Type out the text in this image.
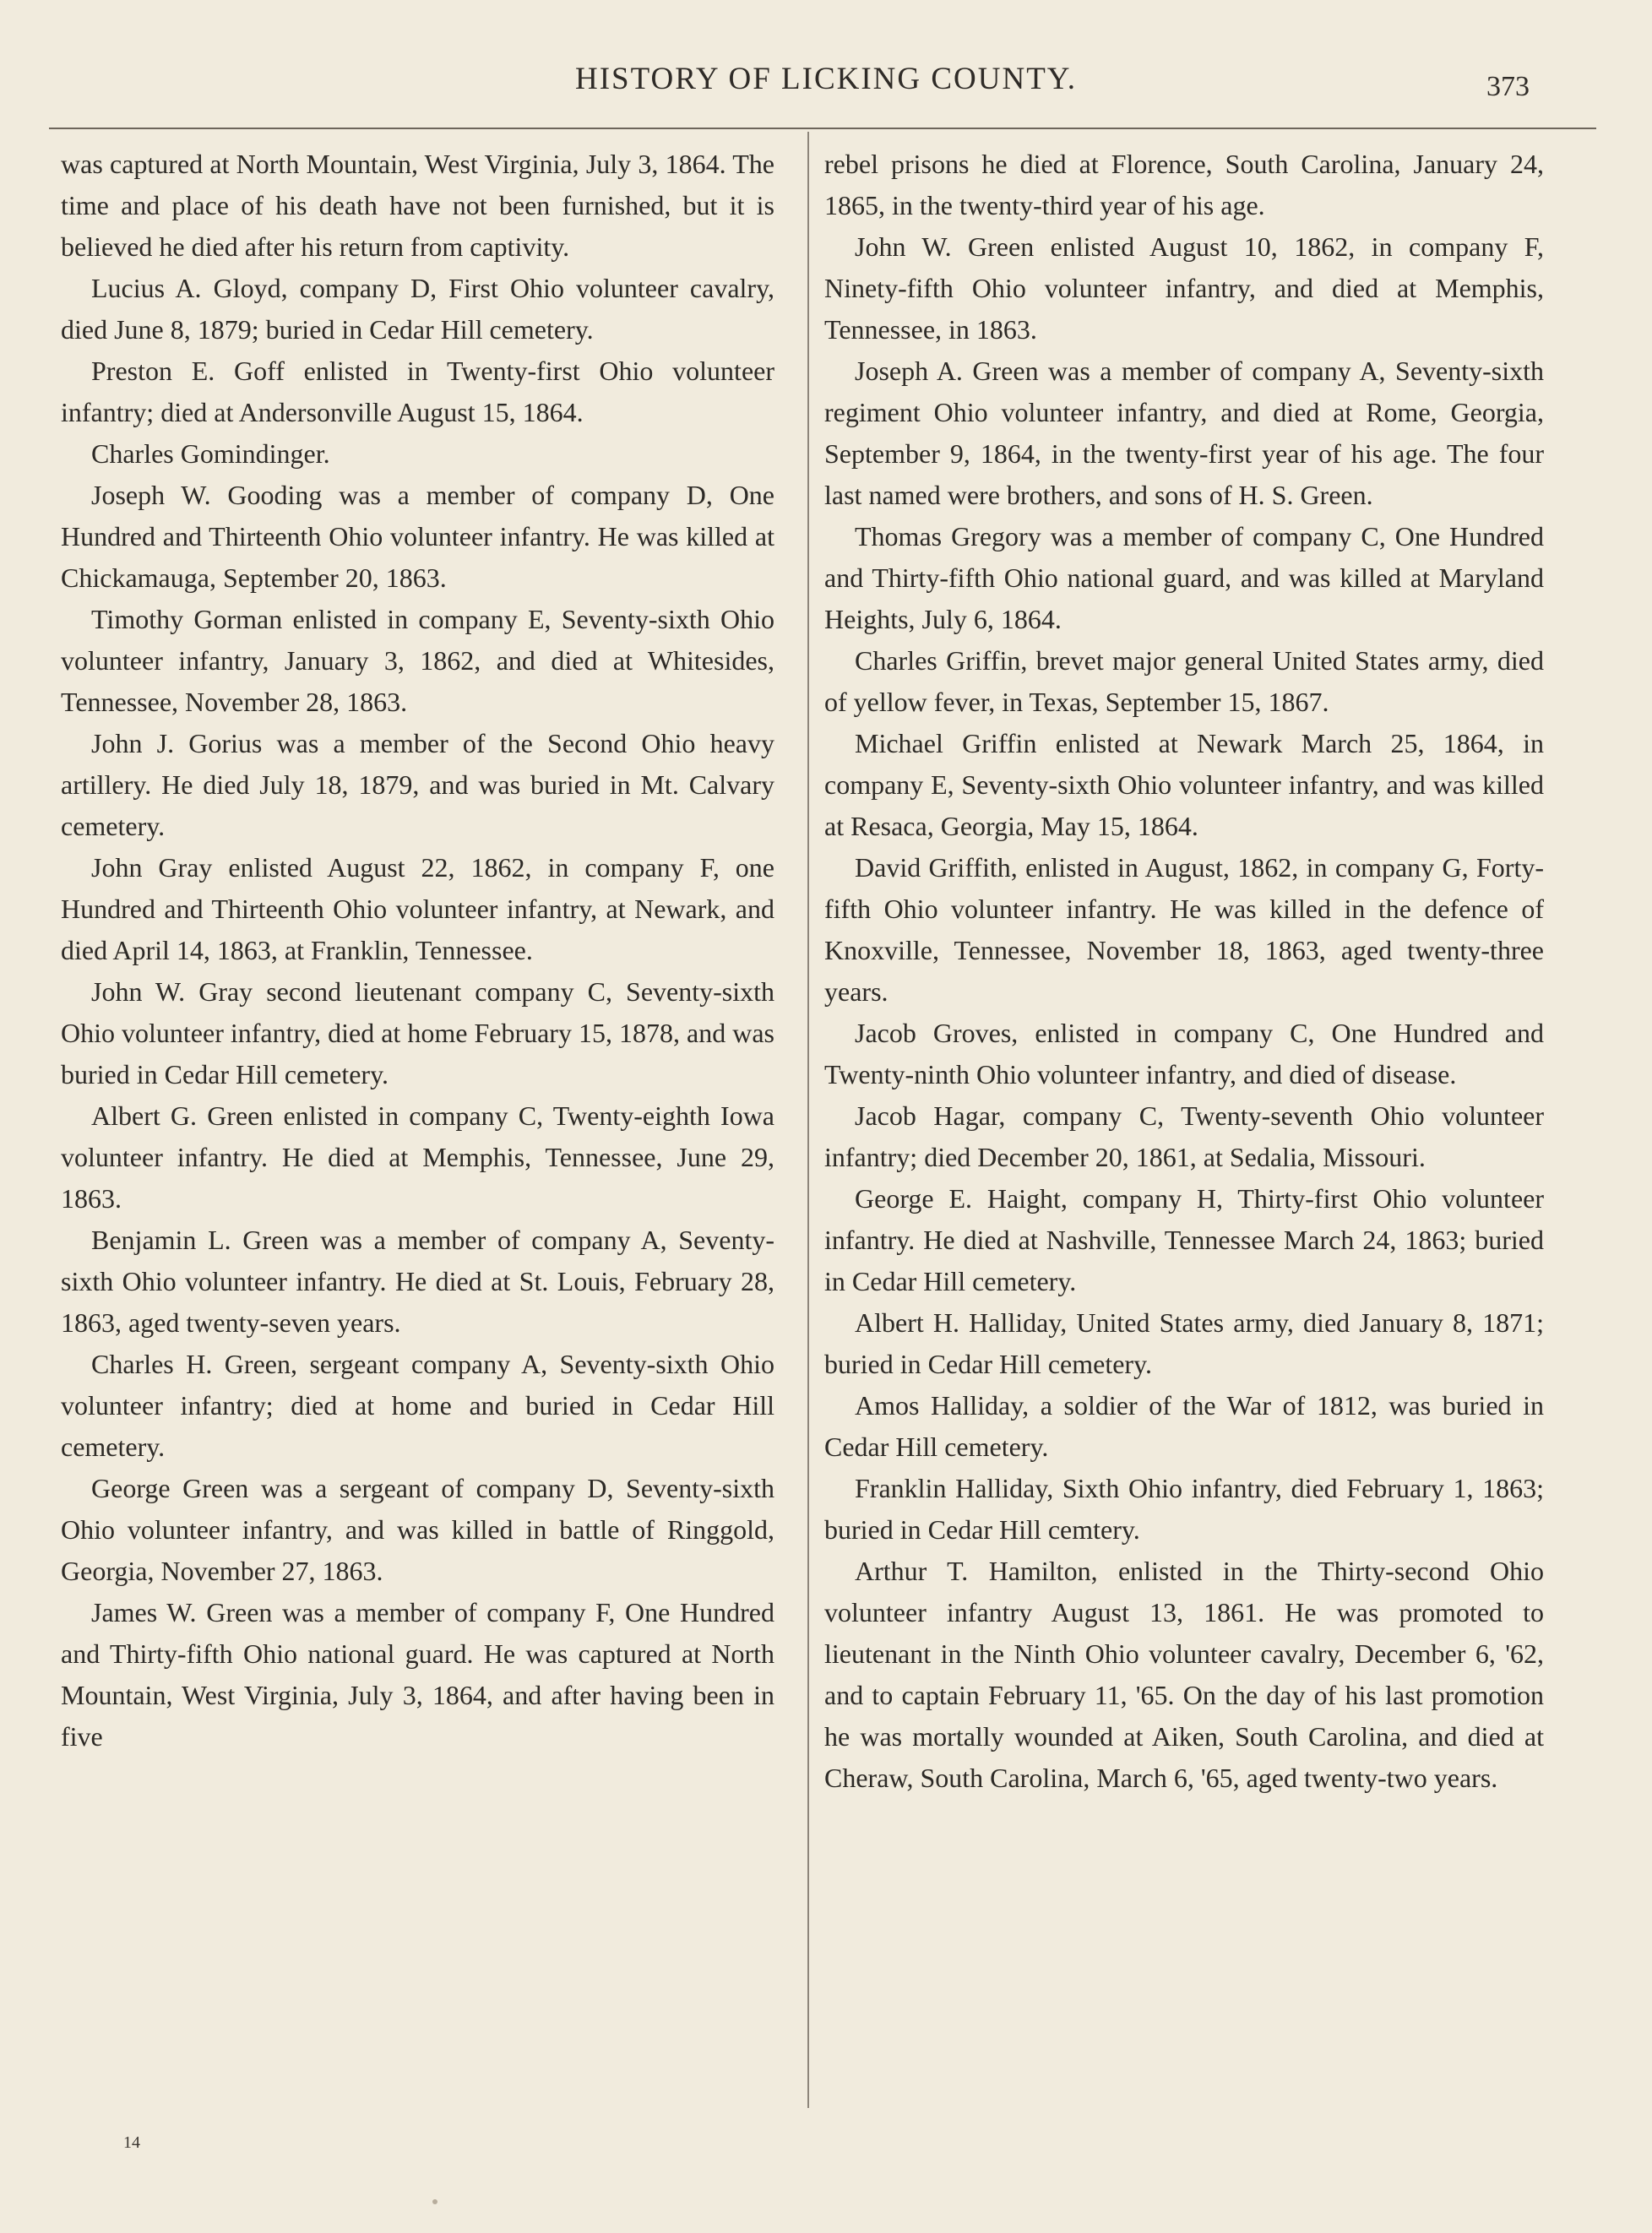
HISTORY OF LICKING COUNTY.	373

was captured at North Mountain, West Virginia, July 3, 1864. The time and place of his death have not been furnished, but it is believed he died after his return from captivity.

Lucius A. Gloyd, company D, First Ohio volunteer cavalry, died June 8, 1879; buried in Cedar Hill cemetery.

Preston E. Goff enlisted in Twenty-first Ohio volunteer infantry; died at Andersonville August 15, 1864.

Charles Gomindinger.

Joseph W. Gooding was a member of company D, One Hundred and Thirteenth Ohio volunteer infantry. He was killed at Chickamauga, September 20, 1863.

Timothy Gorman enlisted in company E, Seventy-sixth Ohio volunteer infantry, January 3, 1862, and died at Whitesides, Tennessee, November 28, 1863.

John J. Gorius was a member of the Second Ohio heavy artillery. He died July 18, 1879, and was buried in Mt. Calvary cemetery.

John Gray enlisted August 22, 1862, in company F, one Hundred and Thirteenth Ohio volunteer infantry, at Newark, and died April 14, 1863, at Franklin, Tennessee.

John W. Gray second lieutenant company C, Seventy-sixth Ohio volunteer infantry, died at home February 15, 1878, and was buried in Cedar Hill cemetery.

Albert G. Green enlisted in company C, Twenty-eighth Iowa volunteer infantry. He died at Memphis, Tennessee, June 29, 1863.

Benjamin L. Green was a member of company A, Seventy-sixth Ohio volunteer infantry. He died at St. Louis, February 28, 1863, aged twenty-seven years.

Charles H. Green, sergeant company A, Seventy-sixth Ohio volunteer infantry; died at home and buried in Cedar Hill cemetery.

George Green was a sergeant of company D, Seventy-sixth Ohio volunteer infantry, and was killed in battle of Ringgold, Georgia, November 27, 1863.

James W. Green was a member of company F, One Hundred and Thirty-fifth Ohio national guard. He was captured at North Mountain, West Virginia, July 3, 1864, and after having been in five

rebel prisons he died at Florence, South Carolina, January 24, 1865, in the twenty-third year of his age.

John W. Green enlisted August 10, 1862, in company F, Ninety-fifth Ohio volunteer infantry, and died at Memphis, Tennessee, in 1863.

Joseph A. Green was a member of company A, Seventy-sixth regiment Ohio volunteer infantry, and died at Rome, Georgia, September 9, 1864, in the twenty-first year of his age. The four last named were brothers, and sons of H. S. Green.

Thomas Gregory was a member of company C, One Hundred and Thirty-fifth Ohio national guard, and was killed at Maryland Heights, July 6, 1864.

Charles Griffin, brevet major general United States army, died of yellow fever, in Texas, September 15, 1867.

Michael Griffin enlisted at Newark March 25, 1864, in company E, Seventy-sixth Ohio volunteer infantry, and was killed at Resaca, Georgia, May 15, 1864.

David Griffith, enlisted in August, 1862, in company G, Forty-fifth Ohio volunteer infantry. He was killed in the defence of Knoxville, Tennessee, November 18, 1863, aged twenty-three years.

Jacob Groves, enlisted in company C, One Hundred and Twenty-ninth Ohio volunteer infantry, and died of disease.

Jacob Hagar, company C, Twenty-seventh Ohio volunteer infantry; died December 20, 1861, at Sedalia, Missouri.

George E. Haight, company H, Thirty-first Ohio volunteer infantry. He died at Nashville, Tennessee March 24, 1863; buried in Cedar Hill cemetery.

Albert H. Halliday, United States army, died January 8, 1871; buried in Cedar Hill cemetery.

Amos Halliday, a soldier of the War of 1812, was buried in Cedar Hill cemetery.

Franklin Halliday, Sixth Ohio infantry, died February 1, 1863; buried in Cedar Hill cemtery.

Arthur T. Hamilton, enlisted in the Thirty-second Ohio volunteer infantry August 13, 1861. He was promoted to lieutenant in the Ninth Ohio volunteer cavalry, December 6, '62, and to captain February 11, '65. On the day of his last promotion he was mortally wounded at Aiken, South Carolina, and died at Cheraw, South Carolina, March 6, '65, aged twenty-two years.

14
